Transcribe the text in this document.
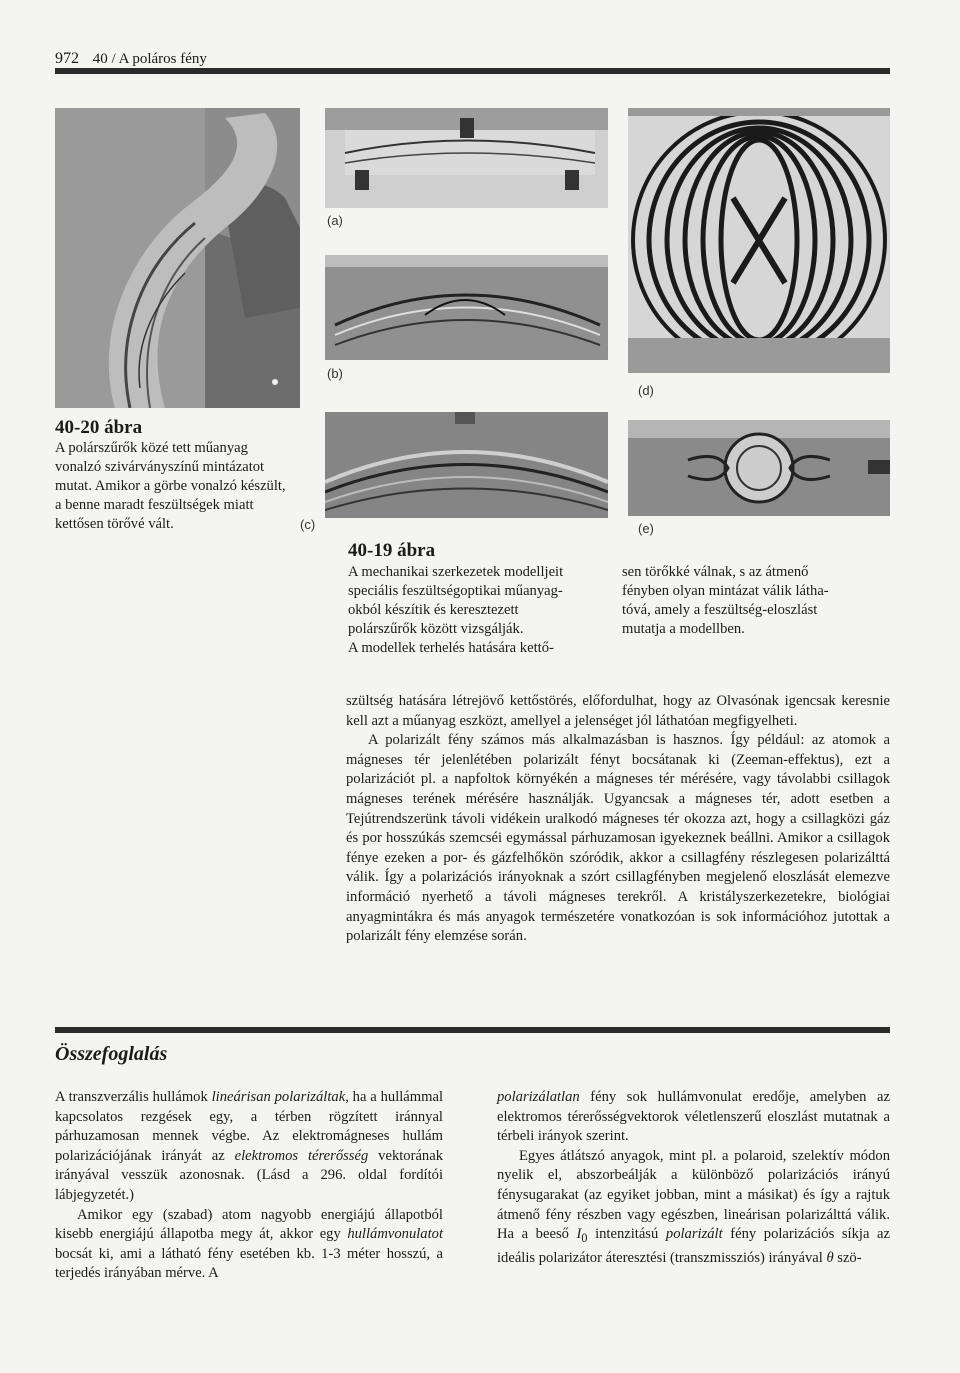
972 40 / A poláros fény
(a)
(b)
(c)
(d)
(e)
40-20 ábra
A polárszűrők közé tett műanyag vonalzó szivárványszínű mintázatot mutat. Amikor a görbe vonalzó készült, a benne maradt feszültségek miatt kettősen törővé vált.
40-19 ábra
A mechanikai szerkezetek modelljeit
speciális feszültségoptikai műanyag-
okból készítik és keresztezett
polárszűrők között vizsgálják.
A modellek terhelés hatására kettő-
sen törőkké válnak, s az átmenő
fényben olyan mintázat válik látha-
tóvá, amely a feszültség-eloszlást
mutatja a modellben.

szültség hatására létrejövő kettőstörés, előfordulhat, hogy az Olvasónak igencsak keresnie kell azt a műanyag eszközt, amellyel a jelenséget jól láthatóan megfigyelheti.

A polarizált fény számos más alkalmazásban is hasznos. Így például: az atomok a mágneses tér jelenlétében polarizált fényt bocsátanak ki (Zeeman-effektus), ezt a polarizációt pl. a napfoltok környékén a mágneses tér mérésére, vagy távolabbi csillagok mágneses terének mérésére használják. Ugyancsak a mágneses tér, adott esetben a Tejútrendszerünk távoli vidékein uralkodó mágneses tér okozza azt, hogy a csillagközi gáz és por hosszúkás szemcséi egymással párhuzamosan igyekeznek beállni. Amikor a csillagok fénye ezeken a por- és gázfelhőkön szóródik, akkor a csillagfény részlegesen polarizálttá válik. Így a polarizációs irányoknak a szórt csillagfényben megjelenő eloszlását elemezve információ nyerhető a távoli mágneses terekről. A kristályszerkezetekre, biológiai anyagmintákra és más anyagok természetére vonatkozóan is sok információhoz jutottak a polarizált fény elemzése során.

Összefoglalás

A transzverzális hullámok lineárisan polarizáltak, ha a hullámmal kapcsolatos rezgések egy, a térben rögzített iránnyal párhuzamosan mennek végbe. Az elektromágneses hullám polarizációjának irányát az elektromos térerősség vektorának irányával vesszük azonosnak. (Lásd a 296. oldal fordítói lábjegyzetét.)

Amikor egy (szabad) atom nagyobb energiájú állapotból kisebb energiájú állapotba megy át, akkor egy hullámvonulatot bocsát ki, ami a látható fény esetében kb. 1-3 méter hosszú, a terjedés irányában mérve. A

polarizálatlan fény sok hullámvonulat eredője, amelyben az elektromos térerősségvektorok véletlenszerű eloszlást mutatnak a térbeli irányok szerint.

Egyes átlátszó anyagok, mint pl. a polaroid, szelektív módon nyelik el, abszorbeálják a különböző polarizációs irányú fénysugarakat (az egyiket jobban, mint a másikat) és így a rajtuk átmenő fény részben vagy egészben, lineárisan polarizálttá válik. Ha a beeső $I_0$ intenzitású polarizált fény polarizációs síkja az ideális polarizátor áteresztési (transzmissziós) irányával θ szö-
